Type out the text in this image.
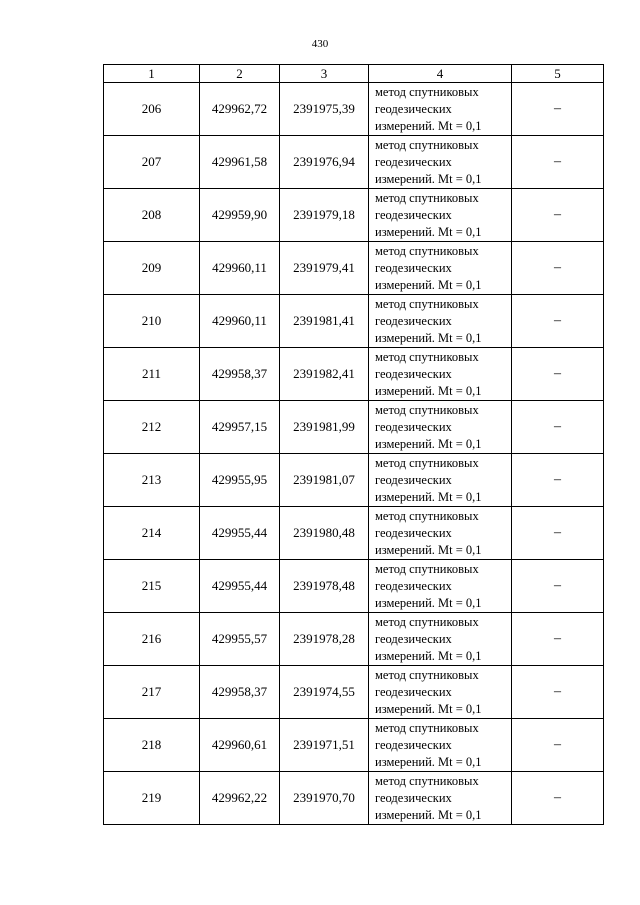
430
1	2	3	4	5
206	429962,72	2391975,39	метод спутниковых
геодезических
измерений. Mt = 0,1	–
207	429961,58	2391976,94	метод спутниковых
геодезических
измерений. Mt = 0,1	–
208	429959,90	2391979,18	метод спутниковых
геодезических
измерений. Mt = 0,1	–
209	429960,11	2391979,41	метод спутниковых
геодезических
измерений. Mt = 0,1	–
210	429960,11	2391981,41	метод спутниковых
геодезических
измерений. Mt = 0,1	–
211	429958,37	2391982,41	метод спутниковых
геодезических
измерений. Mt = 0,1	–
212	429957,15	2391981,99	метод спутниковых
геодезических
измерений. Mt = 0,1	–
213	429955,95	2391981,07	метод спутниковых
геодезических
измерений. Mt = 0,1	–
214	429955,44	2391980,48	метод спутниковых
геодезических
измерений. Mt = 0,1	–
215	429955,44	2391978,48	метод спутниковых
геодезических
измерений. Mt = 0,1	–
216	429955,57	2391978,28	метод спутниковых
геодезических
измерений. Mt = 0,1	–
217	429958,37	2391974,55	метод спутниковых
геодезических
измерений. Mt = 0,1	–
218	429960,61	2391971,51	метод спутниковых
геодезических
измерений. Mt = 0,1	–
219	429962,22	2391970,70	метод спутниковых
геодезических
измерений. Mt = 0,1	–
